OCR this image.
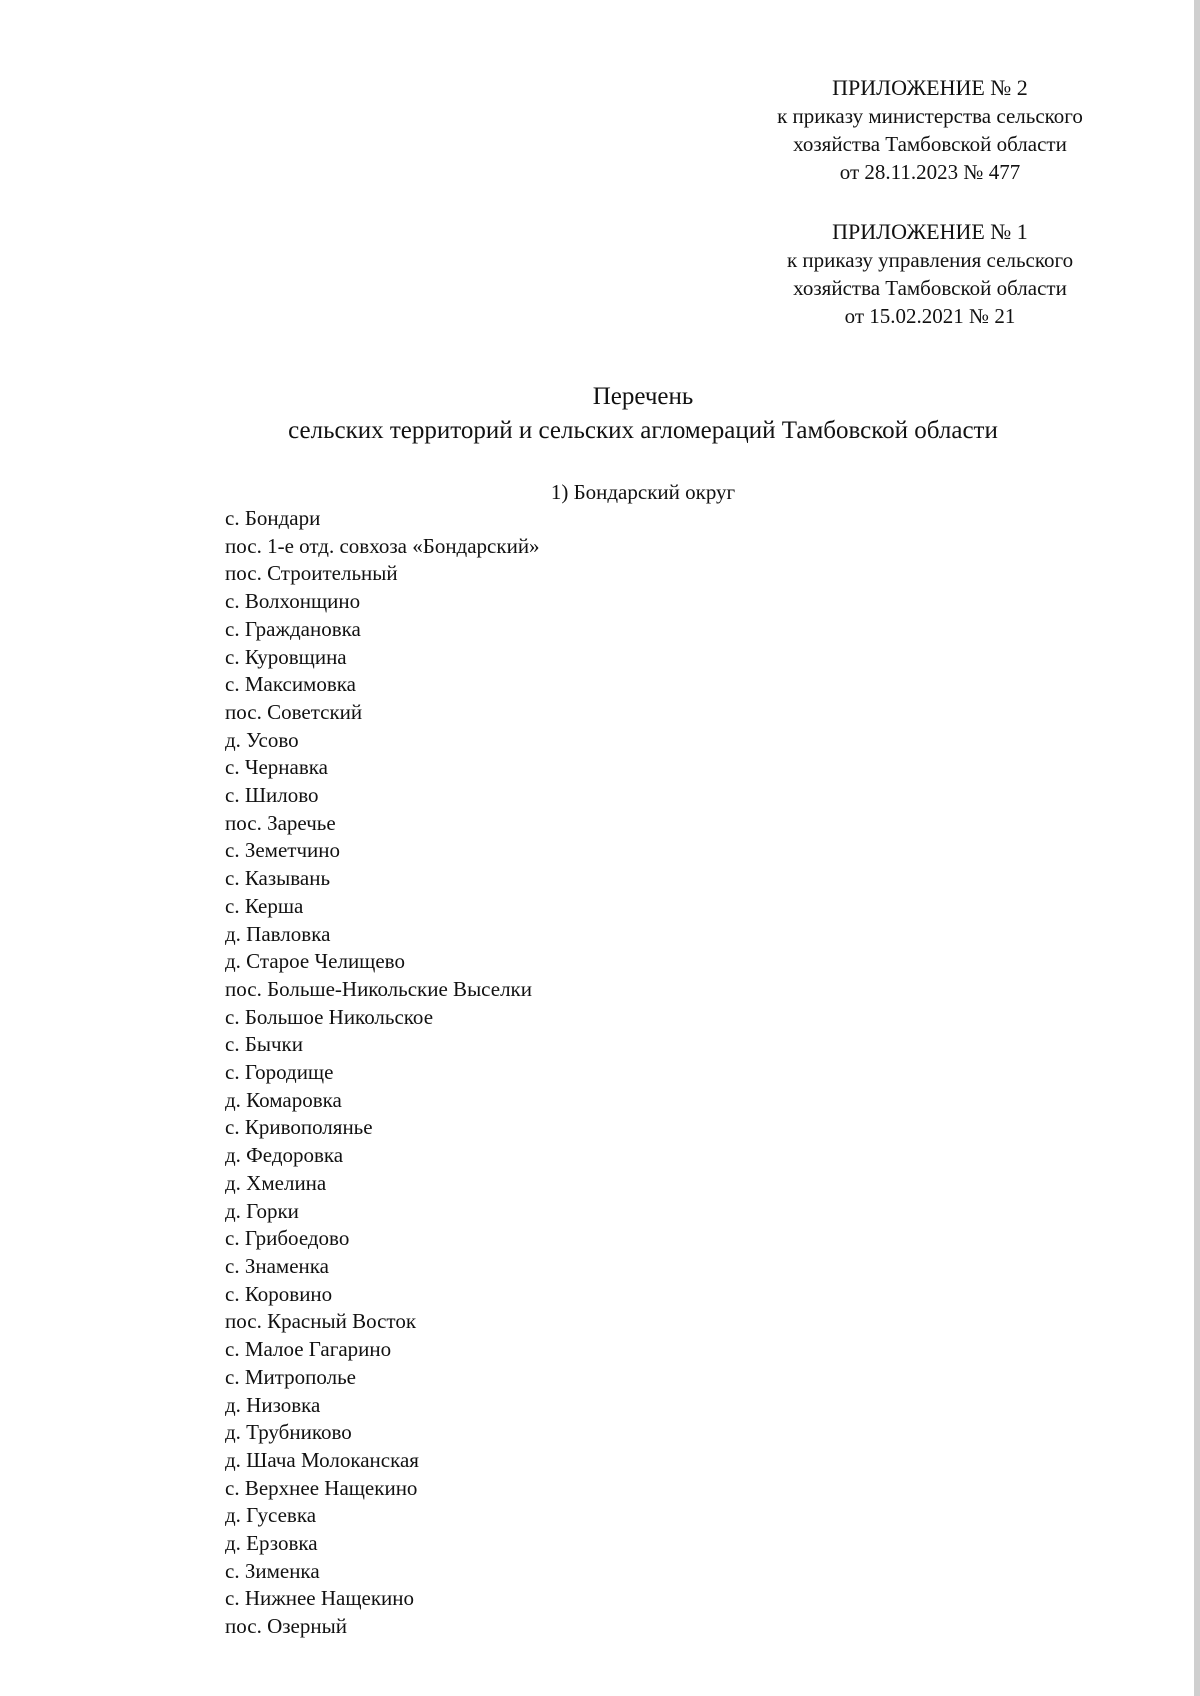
ПРИЛОЖЕНИЕ № 2
к приказу министерства сельского
хозяйства Тамбовской области
от 28.11.2023 № 477
ПРИЛОЖЕНИЕ № 1
к приказу управления сельского
хозяйства Тамбовской области
от 15.02.2021 № 21
Перечень
сельских территорий и сельских агломераций Тамбовской области
1) Бондарский округ
с. Бондари
пос. 1-е отд. совхоза «Бондарский»
пос. Строительный
с. Волхонщино
с. Граждановка
с. Куровщина
с. Максимовка
пос. Советский
д. Усово
с. Чернавка
с. Шилово
пос. Заречье
с. Земетчино
с. Казывань
с. Керша
д. Павловка
д. Старое Челищево
пос. Больше-Никольские Выселки
с. Большое Никольское
с. Бычки
с. Городище
д. Комаровка
с. Кривополянье
д. Федоровка
д. Хмелина
д. Горки
с. Грибоедово
с. Знаменка
с. Коровино
пос. Красный Восток
с. Малое Гагарино
с. Митрополье
д. Низовка
д. Трубниково
д. Шача Молоканская
с. Верхнее Нащекино
д. Гусевка
д. Ерзовка
с. Зименка
с. Нижнее Нащекино
пос. Озерный
